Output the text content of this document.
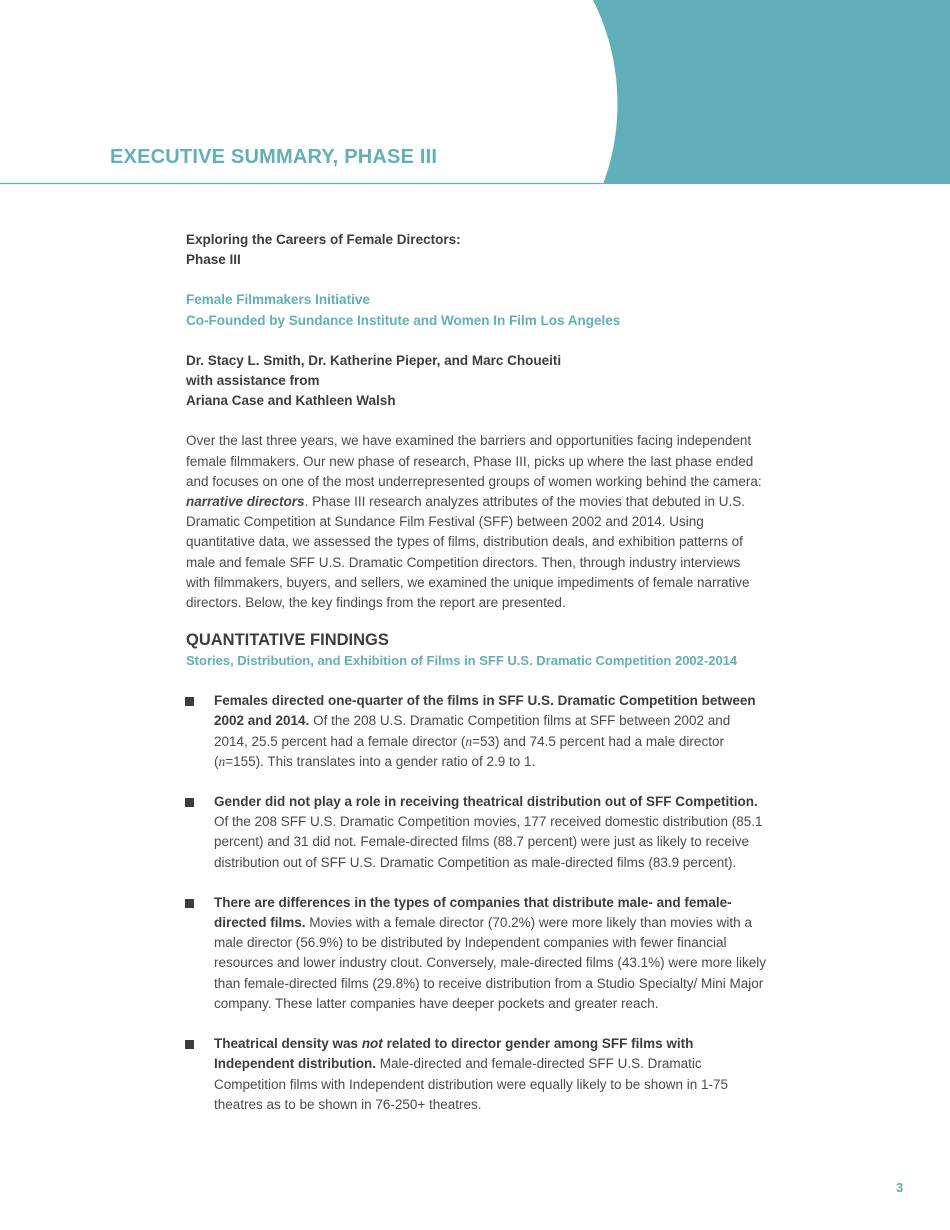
EXECUTIVE SUMMARY, PHASE III

Exploring the Careers of Female Directors:
Phase III

Female Filmmakers Initiative
Co-Founded by Sundance Institute and Women In Film Los Angeles

Dr. Stacy L. Smith, Dr. Katherine Pieper, and Marc Choueiti
with assistance from
Ariana Case and Kathleen Walsh

Over the last three years, we have examined the barriers and opportunities facing independent female filmmakers. Our new phase of research, Phase III, picks up where the last phase ended and focuses on one of the most underrepresented groups of women working behind the camera: narrative directors. Phase III research analyzes attributes of the movies that debuted in U.S. Dramatic Competition at Sundance Film Festival (SFF) between 2002 and 2014. Using quantitative data, we assessed the types of films, distribution deals, and exhibition patterns of male and female SFF U.S. Dramatic Competition directors. Then, through industry interviews with filmmakers, buyers, and sellers, we examined the unique impediments of female narrative directors. Below, the key findings from the report are presented.

QUANTITATIVE FINDINGS

Stories, Distribution, and Exhibition of Films in SFF U.S. Dramatic Competition 2002-2014

Females directed one-quarter of the films in SFF U.S. Dramatic Competition between 2002 and 2014. Of the 208 U.S. Dramatic Competition films at SFF between 2002 and 2014, 25.5 percent had a female director (n=53) and 74.5 percent had a male director (n=155). This translates into a gender ratio of 2.9 to 1.
Gender did not play a role in receiving theatrical distribution out of SFF Competition. Of the 208 SFF U.S. Dramatic Competition movies, 177 received domestic distribution (85.1 percent) and 31 did not. Female-directed films (88.7 percent) were just as likely to receive distribution out of SFF U.S. Dramatic Competition as male-directed films (83.9 percent).
There are differences in the types of companies that distribute male- and female-directed films. Movies with a female director (70.2%) were more likely than movies with a male director (56.9%) to be distributed by Independent companies with fewer financial resources and lower industry clout. Conversely, male-directed films (43.1%) were more likely than female-directed films (29.8%) to receive distribution from a Studio Specialty/ Mini Major company. These latter companies have deeper pockets and greater reach.
Theatrical density was not related to director gender among SFF films with Independent distribution. Male-directed and female-directed SFF U.S. Dramatic Competition films with Independent distribution were equally likely to be shown in 1-75 theatres as to be shown in 76-250+ theatres.
3
